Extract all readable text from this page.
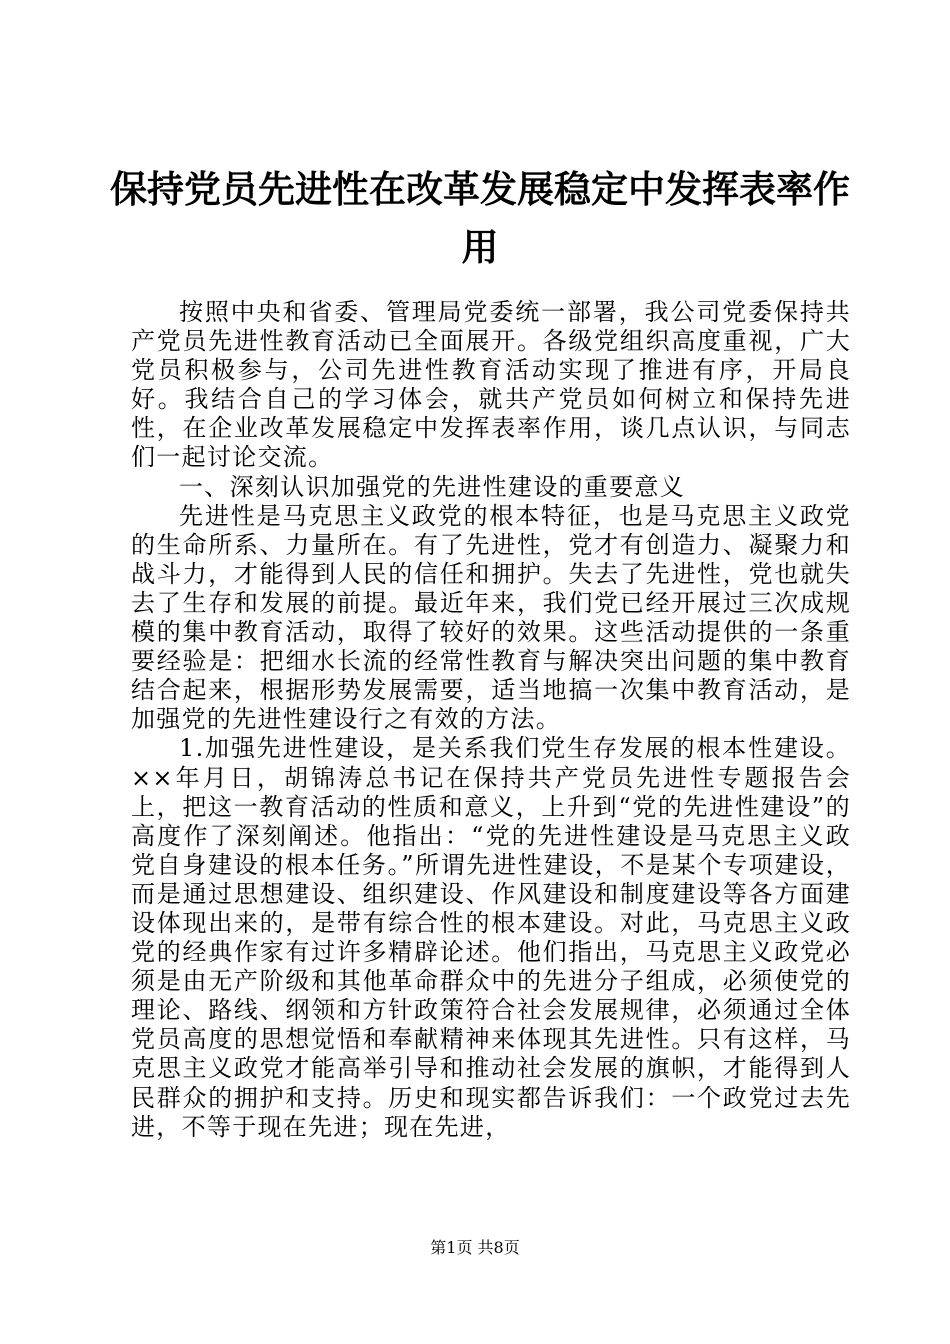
保持党员先进性在改革发展稳定中发挥表率作用

按照中央和省委、管理局党委统一部署，我公司党委保持共产党员先进性教育活动已全面展开。各级党组织高度重视，广大党员积极参与，公司先进性教育活动实现了推进有序，开局良好。我结合自己的学习体会，就共产党员如何树立和保持先进性，在企业改革发展稳定中发挥表率作用，谈几点认识，与同志们一起讨论交流。

一、深刻认识加强党的先进性建设的重要意义

先进性是马克思主义政党的根本特征，也是马克思主义政党的生命所系、力量所在。有了先进性，党才有创造力、凝聚力和战斗力，才能得到人民的信任和拥护。失去了先进性，党也就失去了生存和发展的前提。最近年来，我们党已经开展过三次成规模的集中教育活动，取得了较好的效果。这些活动提供的一条重要经验是：把细水长流的经常性教育与解决突出问题的集中教育结合起来，根据形势发展需要，适当地搞一次集中教育活动，是加强党的先进性建设行之有效的方法。

1.加强先进性建设，是关系我们党生存发展的根本性建设。××年月日，胡锦涛总书记在保持共产党员先进性专题报告会上，把这一教育活动的性质和意义，上升到“党的先进性建设”的高度作了深刻阐述。他指出：“党的先进性建设是马克思主义政党自身建设的根本任务。”所谓先进性建设，不是某个专项建设，而是通过思想建设、组织建设、作风建设和制度建设等各方面建设体现出来的，是带有综合性的根本建设。对此，马克思主义政党的经典作家有过许多精辟论述。他们指出，马克思主义政党必须是由无产阶级和其他革命群众中的先进分子组成，必须使党的理论、路线、纲领和方针政策符合社会发展规律，必须通过全体党员高度的思想觉悟和奉献精神来体现其先进性。只有这样，马克思主义政党才能高举引导和推动社会发展的旗帜，才能得到人民群众的拥护和支持。历史和现实都告诉我们：一个政党过去先进，不等于现在先进；现在先进，

第1页 共8页
